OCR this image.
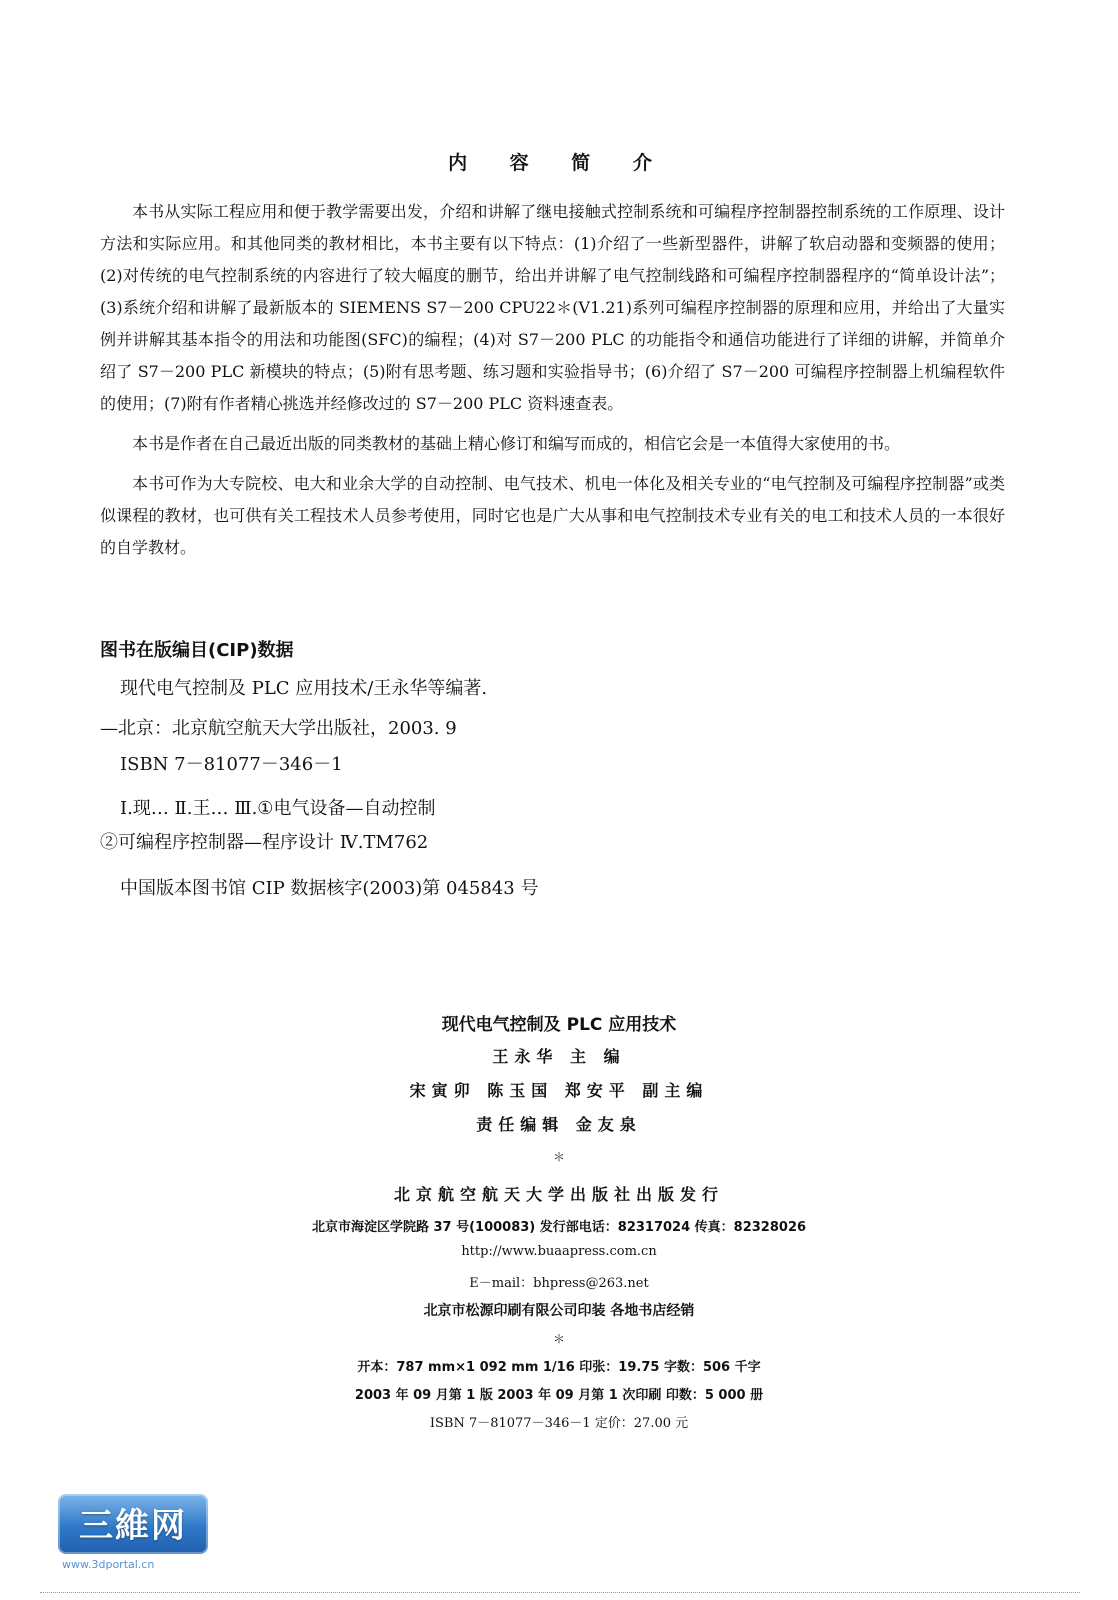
内 容 简 介

本书从实际工程应用和便于教学需要出发，介绍和讲解了继电接触式控制系统和可编程序控制器控制系统的工作原理、设计方法和实际应用。和其他同类的教材相比，本书主要有以下特点：(1)介绍了一些新型器件，讲解了软启动器和变频器的使用；(2)对传统的电气控制系统的内容进行了较大幅度的删节，给出并讲解了电气控制线路和可编程序控制器程序的“简单设计法”；(3)系统介绍和讲解了最新版本的 SIEMENS S7－200 CPU22＊(V1.21)系列可编程序控制器的原理和应用，并给出了大量实例并讲解其基本指令的用法和功能图(SFC)的编程；(4)对 S7－200 PLC 的功能指令和通信功能进行了详细的讲解，并简单介绍了 S7－200 PLC 新模块的特点；(5)附有思考题、练习题和实验指导书；(6)介绍了 S7－200 可编程序控制器上机编程软件的使用；(7)附有作者精心挑选并经修改过的 S7－200 PLC 资料速查表。

本书是作者在自己最近出版的同类教材的基础上精心修订和编写而成的，相信它会是一本值得大家使用的书。

本书可作为大专院校、电大和业余大学的自动控制、电气技术、机电一体化及相关专业的“电气控制及可编程序控制器”或类似课程的教材，也可供有关工程技术人员参考使用，同时它也是广大从事和电气控制技术专业有关的电工和技术人员的一本很好的自学教材。

图书在版编目(CIP)数据
现代电气控制及 PLC 应用技术/王永华等编著.
—北京：北京航空航天大学出版社，2003. 9
ISBN 7－81077－346－1
Ⅰ.现… Ⅱ.王… Ⅲ.①电气设备—自动控制
②可编程序控制器—程序设计 Ⅳ.TM762
中国版本图书馆 CIP 数据核字(2003)第 045843 号
现代电气控制及 PLC 应用技术
王永华 主 编
宋寅卯 陈玉国 郑安平 副主编
责任编辑 金友泉
＊
北京航空航天大学出版社出版发行
北京市海淀区学院路 37 号(100083) 发行部电话：82317024 传真：82328026
http://www.buaapress.com.cn
E－mail：bhpress@263.net
北京市松源印刷有限公司印装 各地书店经销
＊
开本：787 mm×1 092 mm 1/16 印张：19.75 字数：506 千字
2003 年 09 月第 1 版 2003 年 09 月第 1 次印刷 印数：5 000 册
ISBN 7－81077－346－1 定价：27.00 元
三維网
www.3dportal.cn
